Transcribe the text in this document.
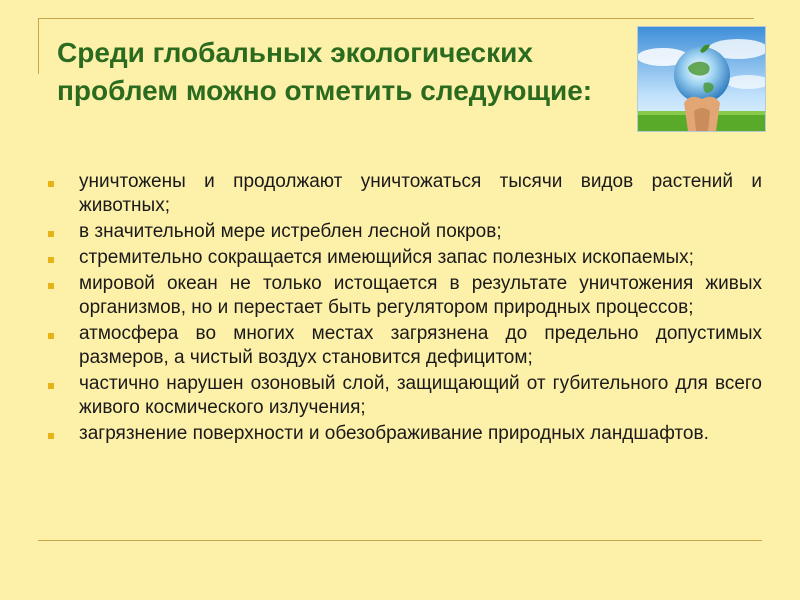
Среди глобальных экологических проблем можно отметить следующие:
уничтожены и продолжают уничтожаться тысячи видов растений и животных;
в значительной мере истреблен лесной покров;
стремительно сокращается имеющийся запас полезных ископаемых;
мировой океан не только истощается в результате уничтожения живых организмов, но и перестает быть регулятором природных процессов;
атмосфера во многих местах загрязнена до предельно допустимых размеров, а чистый воздух становится дефицитом;
частично нарушен озоновый слой, защищающий от губительного для всего живого космического излучения;
загрязнение поверхности и обезображивание природных ландшафтов.
